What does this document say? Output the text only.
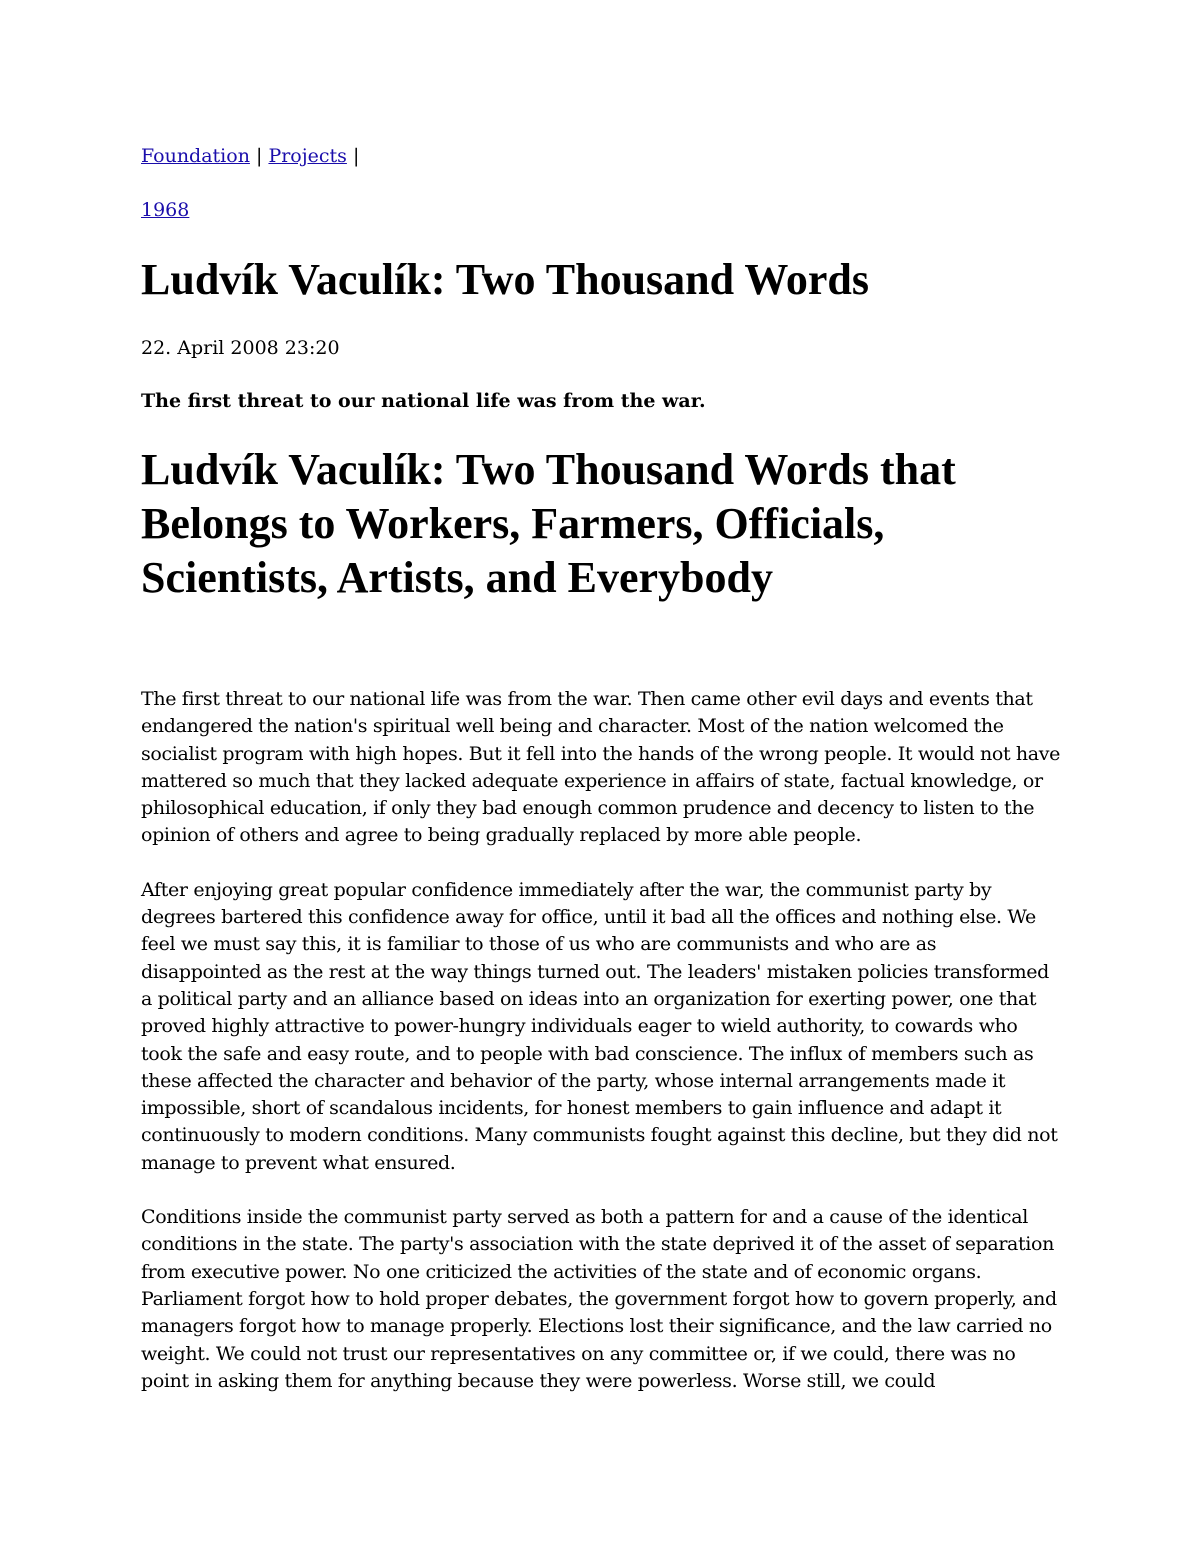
Foundation | Projects |
1968
Ludvík Vaculík: Two Thousand Words
22. April 2008 23:20
The first threat to our national life was from the war.
Ludvík Vaculík: Two Thousand Words that Belongs to Workers, Farmers, Officials, Scientists, Artists, and Everybody

The first threat to our national life was from the war. Then came other evil days and events that endangered the nation's spiritual well being and character. Most of the nation welcomed the socialist program with high hopes. But it fell into the hands of the wrong people. It would not have mattered so much that they lacked adequate experience in affairs of state, factual knowledge, or philosophical education, if only they bad enough common prudence and decency to listen to the opinion of others and agree to being gradually replaced by more able people.

After enjoying great popular confidence immediately after the war, the communist party by degrees bartered this confidence away for office, until it bad all the offices and nothing else. We feel we must say this, it is familiar to those of us who are communists and who are as disappointed as the rest at the way things turned out. The leaders' mistaken policies transformed a political party and an alliance based on ideas into an organization for exerting power, one that proved highly attractive to power-hungry individuals eager to wield authority, to cowards who took the safe and easy route, and to people with bad conscience. The influx of members such as these affected the character and behavior of the party, whose internal arrangements made it impossible, short of scandalous incidents, for honest members to gain influence and adapt it continuously to modern conditions. Many communists fought against this decline, but they did not manage to prevent what ensured.

Conditions inside the communist party served as both a pattern for and a cause of the identical conditions in the state. The party's association with the state deprived it of the asset of separation from executive power. No one criticized the activities of the state and of economic organs. Parliament forgot how to hold proper debates, the government forgot how to govern properly, and managers forgot how to manage properly. Elections lost their significance, and the law carried no weight. We could not trust our representatives on any committee or, if we could, there was no point in asking them for anything because they were powerless. Worse still, we could
